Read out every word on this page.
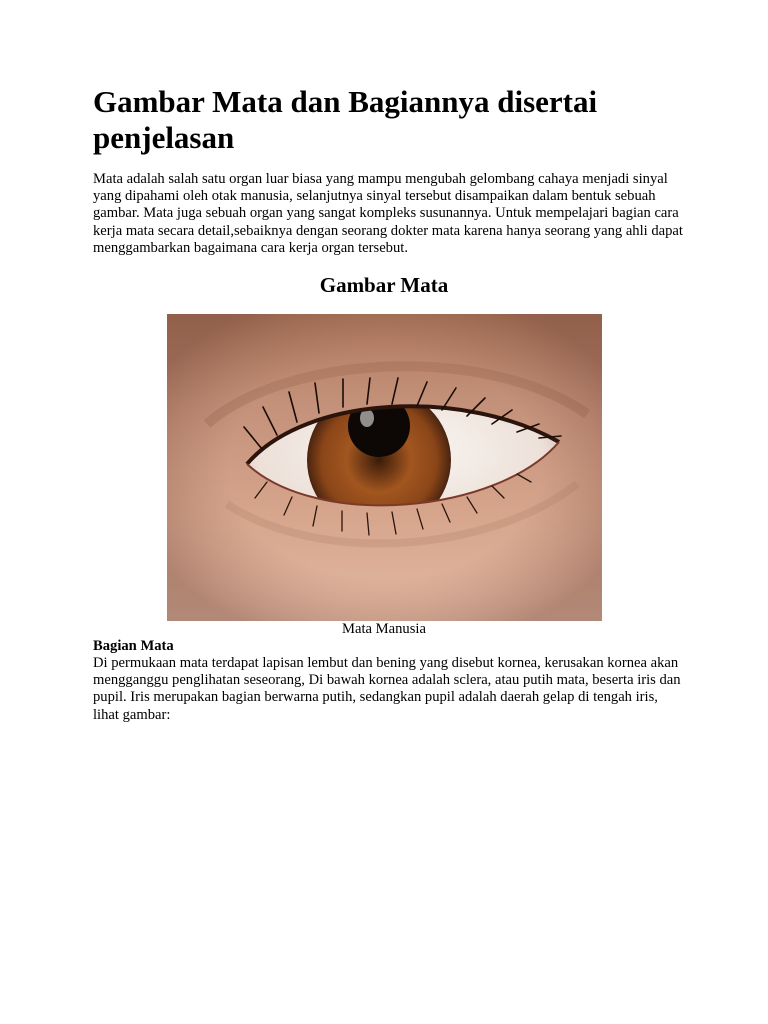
Gambar Mata dan Bagiannya disertai penjelasan

Mata adalah salah satu organ luar biasa yang mampu mengubah gelombang cahaya menjadi sinyal yang dipahami oleh otak manusia, selanjutnya sinyal tersebut disampaikan dalam bentuk sebuah gambar. Mata juga sebuah organ yang sangat kompleks susunannya. Untuk mempelajari bagian cara kerja mata secara detail,sebaiknya dengan seorang dokter mata karena hanya seorang yang ahli dapat menggambarkan bagaimana cara kerja organ tersebut.

Gambar Mata
Mata Manusia

Bagian Mata

Di permukaan mata terdapat lapisan lembut dan bening yang disebut kornea, kerusakan kornea akan mengganggu penglihatan seseorang, Di bawah kornea adalah sclera, atau putih mata, beserta iris dan pupil. Iris merupakan bagian berwarna putih, sedangkan pupil adalah daerah gelap di tengah iris, lihat gambar:
